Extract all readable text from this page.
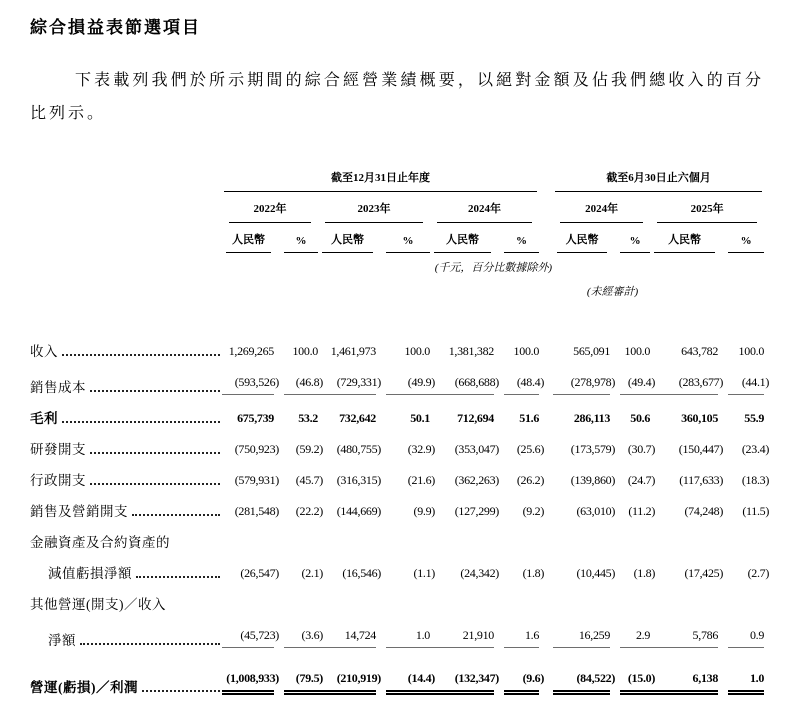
綜合損益表節選項目

下表載列我們於所示期間的綜合經營業績概要，以絕對金額及佔我們總收入的百分比列示。

	截至12月31日止年度							截至6月30日止六個月			

	2022年		2023年		2024年			2024年		2025年	

	人民幣	%	人民幣	%	人民幣	%		人民幣	%	人民幣	%

	(千元，百分比數據除外)										

								(未經審計)			

收入	1,269,265	100.0	1,461,973	100.0	1,381,382	100.0		565,091	100.0	643,782	100.0

銷售成本	(593,526)	(46.8)	(729,331)	(49.9)	(668,688)	(48.4)		(278,978)	(49.4)	(283,677)	(44.1)

毛利	675,739	53.2	732,642	50.1	712,694	51.6		286,113	50.6	360,105	55.9

研發開支	(750,923)	(59.2)	(480,755)	(32.9)	(353,047)	(25.6)		(173,579)	(30.7)	(150,447)	(23.4)

行政開支	(579,931)	(45.7)	(316,315)	(21.6)	(362,263)	(26.2)		(139,860)	(24.7)	(117,633)	(18.3)

銷售及營銷開支	(281,548)	(22.2)	(144,669)	(9.9)	(127,299)	(9.2)		(63,010)	(11.2)	(74,248)	(11.5)

金融資產及合約資產的											

減值虧損淨額	(26,547)	(2.1)	(16,546)	(1.1)	(24,342)	(1.8)		(10,445)	(1.8)	(17,425)	(2.7)

其他營運(開支)／收入											

淨額	(45,723)	(3.6)	14,724	1.0	21,910	1.6		16,259	2.9	5,786	0.9

營運(虧損)／利潤	(1,008,933)	(79.5)	(210,919)	(14.4)	(132,347)	(9.6)		(84,522)	(15.0)	6,138	1.0
